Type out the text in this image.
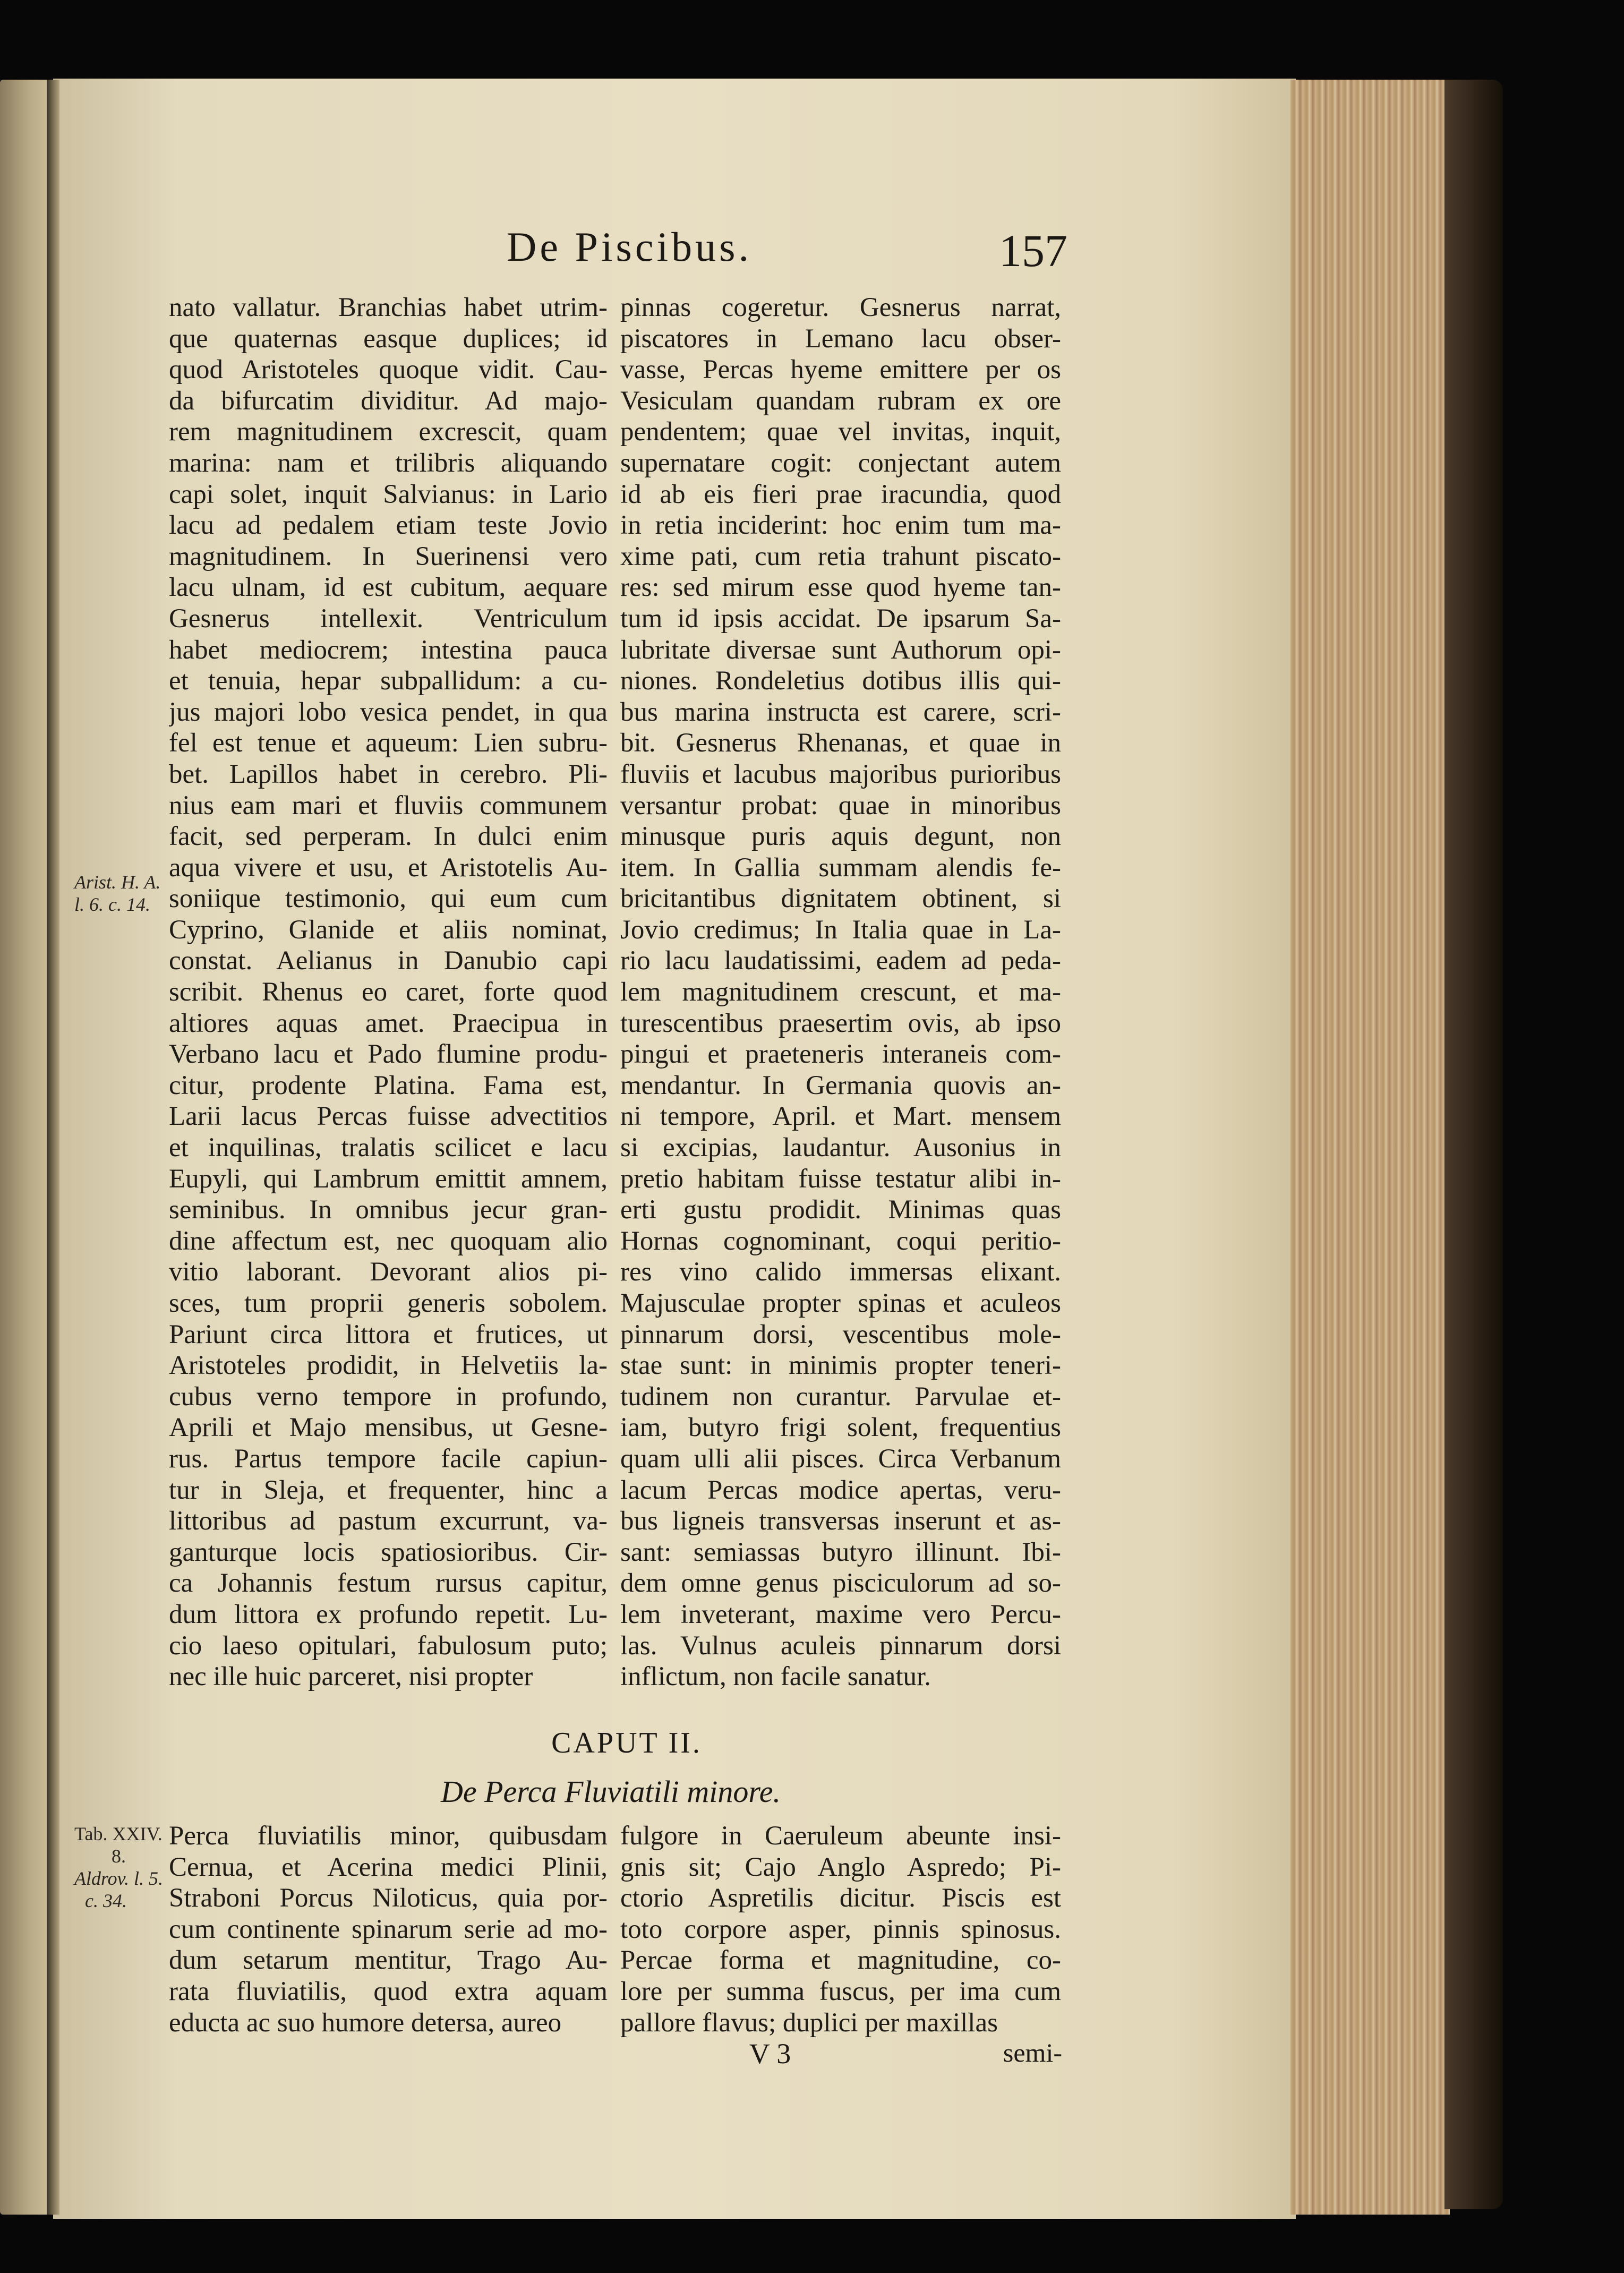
De Piscibus.	157
nato vallatur. Branchias habet utrim-
que quaternas easque duplices; id
quod Aristoteles quoque vidit. Cau-
da bifurcatim dividitur. Ad majo-
rem magnitudinem excrescit, quam
marina: nam et trilibris aliquando
capi solet, inquit Salvianus: in Lario
lacu ad pedalem etiam teste Jovio
magnitudinem. In Suerinensi vero
lacu ulnam, id est cubitum, aequare
Gesnerus intellexit. Ventriculum
habet mediocrem; intestina pauca
et tenuia, hepar subpallidum: a cu-
jus majori lobo vesica pendet, in qua
fel est tenue et aqueum: Lien subru-
bet. Lapillos habet in cerebro. Pli-
nius eam mari et fluviis communem
facit, sed perperam. In dulci enim
aqua vivere et usu, et Aristotelis Au-
soniique testimonio, qui eum cum
Cyprino, Glanide et aliis nominat,
constat. Aelianus in Danubio capi
scribit. Rhenus eo caret, forte quod
altiores aquas amet. Praecipua in
Verbano lacu et Pado flumine produ-
citur, prodente Platina. Fama est,
Larii lacus Percas fuisse advectitios
et inquilinas, tralatis scilicet e lacu
Eupyli, qui Lambrum emittit amnem,
seminibus. In omnibus jecur gran-
dine affectum est, nec quoquam alio
vitio laborant. Devorant alios pi-
sces, tum proprii generis sobolem.
Pariunt circa littora et frutices, ut
Aristoteles prodidit, in Helvetiis la-
cubus verno tempore in profundo,
Aprili et Majo mensibus, ut Gesne-
rus. Partus tempore facile capiun-
tur in Sleja, et frequenter, hinc a
littoribus ad pastum excurrunt, va-
ganturque locis spatiosioribus. Cir-
ca Johannis festum rursus capitur,
dum littora ex profundo repetit. Lu-
cio laeso opitulari, fabulosum puto;
nec ille huic parceret, nisi propter
pinnas cogeretur. Gesnerus narrat,
piscatores in Lemano lacu obser-
vasse, Percas hyeme emittere per os
Vesiculam quandam rubram ex ore
pendentem; quae vel invitas, inquit,
supernatare cogit: conjectant autem
id ab eis fieri prae iracundia, quod
in retia inciderint: hoc enim tum ma-
xime pati, cum retia trahunt piscato-
res: sed mirum esse quod hyeme tan-
tum id ipsis accidat. De ipsarum Sa-
lubritate diversae sunt Authorum opi-
niones. Rondeletius dotibus illis qui-
bus marina instructa est carere, scri-
bit. Gesnerus Rhenanas, et quae in
fluviis et lacubus majoribus purioribus
versantur probat: quae in minoribus
minusque puris aquis degunt, non
item. In Gallia summam alendis fe-
bricitantibus dignitatem obtinent, si
Jovio credimus; In Italia quae in La-
rio lacu laudatissimi, eadem ad peda-
lem magnitudinem crescunt, et ma-
turescentibus praesertim ovis, ab ipso
pingui et praeteneris interaneis com-
mendantur. In Germania quovis an-
ni tempore, April. et Mart. mensem
si excipias, laudantur. Ausonius in
pretio habitam fuisse testatur alibi in-
erti gustu prodidit. Minimas quas
Hornas cognominant, coqui peritio-
res vino calido immersas elixant.
Majusculae propter spinas et aculeos
pinnarum dorsi, vescentibus mole-
stae sunt: in minimis propter teneri-
tudinem non curantur. Parvulae et-
iam, butyro frigi solent, frequentius
quam ulli alii pisces. Circa Verbanum
lacum Percas modice apertas, veru-
bus ligneis transversas inserunt et as-
sant: semiassas butyro illinunt. Ibi-
dem omne genus pisciculorum ad so-
lem inveterant, maxime vero Percu-
las. Vulnus aculeis pinnarum dorsi
inflictum, non facile sanatur.
Arist. H. A.
l. 6. c. 14.
CAPUT II.
De Perca Fluviatili minore.
Tab. XXIV.
8.
Aldrov. l. 5.
c. 34.
Perca fluviatilis minor, quibusdam
Cernua, et Acerina medici Plinii,
Straboni Porcus Niloticus, quia por-
cum continente spinarum serie ad mo-
dum setarum mentitur, Trago Au-
rata fluviatilis, quod extra aquam
educta ac suo humore detersa, aureo
fulgore in Caeruleum abeunte insi-
gnis sit; Cajo Anglo Aspredo; Pi-
ctorio Aspretilis dicitur. Piscis est
toto corpore asper, pinnis spinosus.
Percae forma et magnitudine, co-
lore per summa fuscus, per ima cum
pallore flavus; duplici per maxillas
V 3	semi-
